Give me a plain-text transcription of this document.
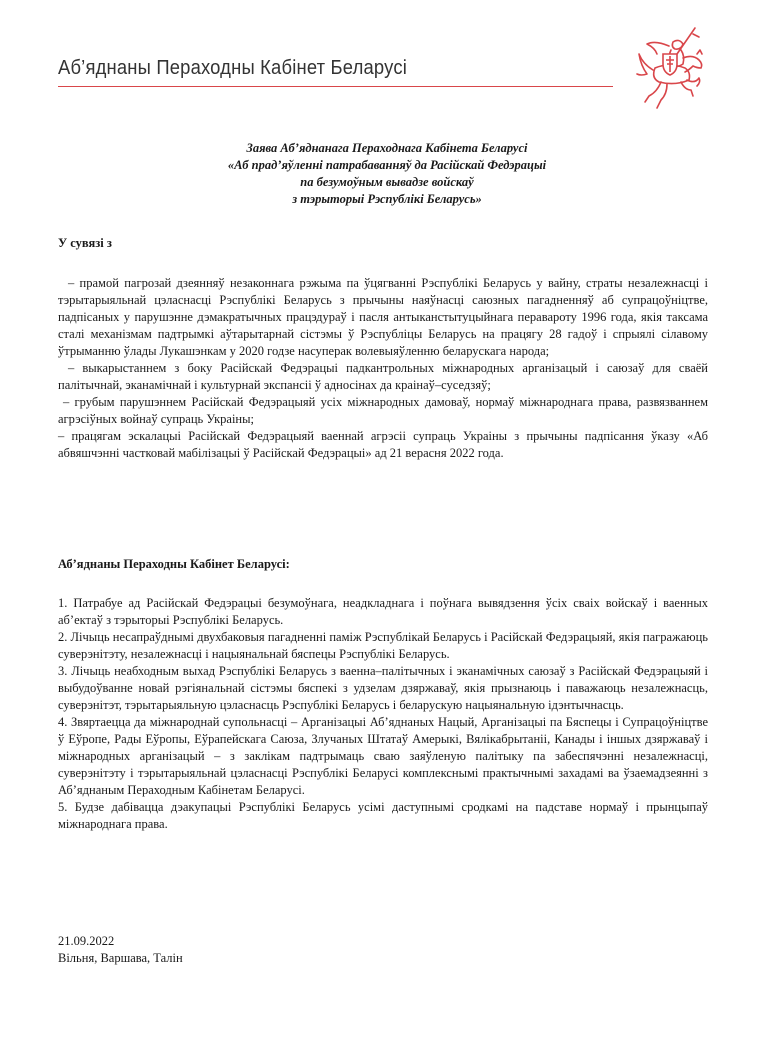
Аб’яднаны Пераходны Кабінет Беларусі
Заява Аб’яднанага Пераходнага Кабінета Беларусі
«Аб прад’яўленні патрабаванняў да Расійскай Федэрацыі
па безумоўным вывадзе войскаў
з тэрыторыі Рэспублікі Беларусь»
У сувязі з

– прамой пагрозай дзеянняў незаконнага рэжыма па ўцягванні Рэспублікі Беларусь у вайну, страты незалежнасці і тэрытарыяльнай цэласнасці Рэспублікі Беларусь з прычыны наяўнасці саюзных пагадненняў аб супрацоўніцтве, падпісаных у парушэнне дэмакратычных працэдураў і пасля антыканстытуцыйнага перавароту 1996 года, якія таксама сталі механізмам падтрымкі аўтарытарнай сістэмы ў Рэспубліцы Беларусь на працягу 28 гадоў і спрыялі сілавому ўтрыманню ўлады Лукашэнкам у 2020 годзе насуперак волевыяўленню беларускага народа;

– выкарыстаннем з боку Расійскай Федэрацыі падкантрольных міжнародных арганізацый і саюзаў для сваёй палітычнай, эканамічнай і культурнай экспансіі ў адносінах да краінаў–суседзяў;

– грубым парушэннем Расійскай Федэрацыяй усіх міжнародных дамоваў, нормаў міжнароднага права, развязваннем агрэсіўных войнаў супраць Украіны;

– працягам эскалацыі Расійскай Федэрацыяй ваеннай агрэсіі супраць Украіны з прычыны падпісання ўказу «Аб абвяшчэнні частковай мабілізацыі ў Расійскай Федэрацыі» ад 21 верасня 2022 года.

Аб’яднаны Пераходны Кабінет Беларусі:

1. Патрабуе ад Расійскай Федэрацыі безумоўнага, неадкладнага і поўнага вывядзення ўсіх сваіх войскаў і ваенных аб’ектаў з тэрыторыі Рэспублікі Беларусь.

2. Лічыць несапраўднымі двухбаковыя пагадненні паміж Рэспублікай Беларусь і Расійскай Федэрацыяй, якія пагражаюць суверэнітэту, незалежнасці і нацыянальнай бяспецы Рэспублікі Беларусь.

3. Лічыць неабходным выхад Рэспублікі Беларусь з ваенна–палітычных і эканамічных саюзаў з Расійскай Федэрацыяй і выбудоўванне новай рэгіянальнай сістэмы бяспекі з удзелам дзяржаваў, якія прызнаюць і паважаюць незалежнасць, суверэнітэт, тэрытарыяльную цэласнасць Рэспублікі Беларусь і беларускую нацыянальную ідэнтычнасць.

4. Звяртаецца да міжнароднай супольнасці – Арганізацыі Аб’яднаных Нацый, Арганізацыі па Бяспецы і Супрацоўніцтве ў Еўропе, Рады Еўропы, Еўрапейскага Саюза, Злучаных Штатаў Амерыкі, Вялікабрытаніі, Канады і іншых дзяржаваў і міжнародных арганізацый – з заклікам падтрымаць сваю заяўленую палітыку па забеспячэнні незалежнасці, суверэнітэту і тэрытарыяльнай цэласнасці Рэспублікі Беларусі комплекснымі практычнымі захадамі ва ўзаемадзеянні з Аб’яднаным Пераходным Кабінетам Беларусі.

5. Будзе дабівацца дэакупацыі Рэспублікі Беларусь усімі даступнымі сродкамі на падставе нормаў і прынцыпаў міжнароднага права.

21.09.2022
Вільня, Варшава, Талін
